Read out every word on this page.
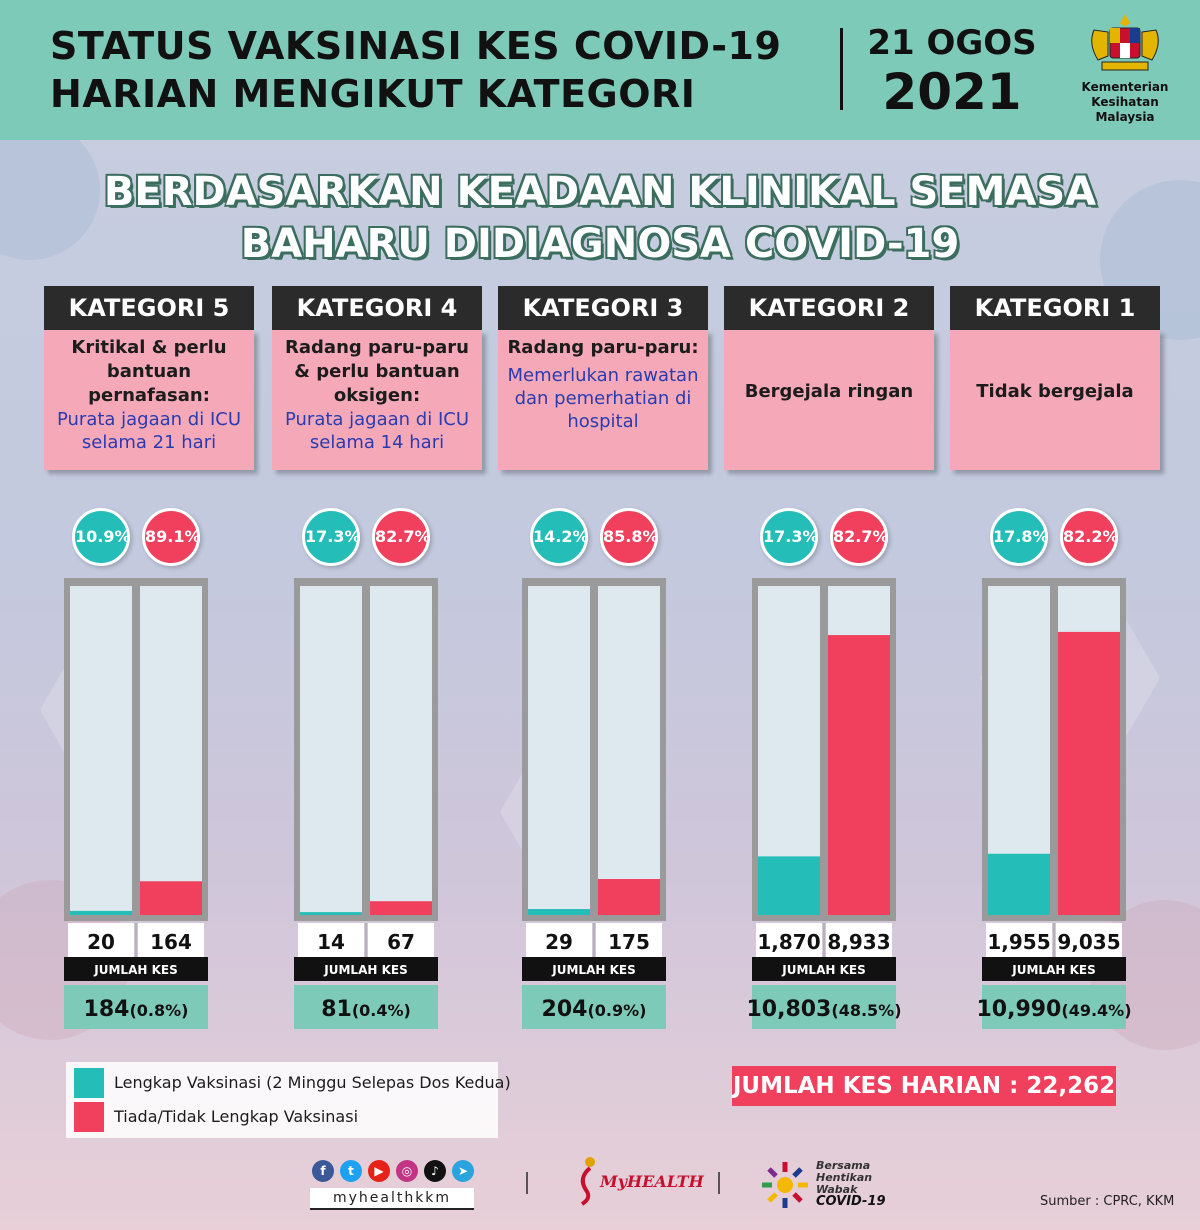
STATUS VAKSINASI KES COVID-19
HARIAN MENGIKUT KATEGORI
21 OGOS
2021	Kementerian
Kesihatan
Malaysia
BERDASARKAN KEADAAN KLINIKAL SEMASA
BAHARU DIDIAGNOSA COVID-19
KATEGORI 5
Kritikal & perlu bantuan pernafasan:
Purata jagaan di ICU selama 21 hari
KATEGORI 4
Radang paru-paru & perlu bantuan oksigen:
Purata jagaan di ICU selama 14 hari
KATEGORI 3
Radang paru-paru:
Memerlukan rawatan dan pemerhatian di hospital
KATEGORI 2
Bergejala ringan
KATEGORI 1
Tidak bergejala
10.9% 89.1%	17.3% 82.7%	14.2% 85.8%	17.3% 82.7%	17.8% 82.2%
20 164
JUMLAH KES
184(0.8%)
14 67
JUMLAH KES
81(0.4%)
29 175
JUMLAH KES
204(0.9%)
1,870 8,933
JUMLAH KES
10,803(48.5%)
1,955 9,035
JUMLAH KES
10,990(49.4%)
Lengkap Vaksinasi (2 Minggu Selepas Dos Kedua)
Tiada/Tidak Lengkap Vaksinasi
JUMLAH KES HARIAN : 22,262
f	t	▶	◎	♪	➤
myhealthkkm
MyHEALTH
Bersama
Hentikan
Wabak
COVID-19	Sumber : CPRC, KKM
